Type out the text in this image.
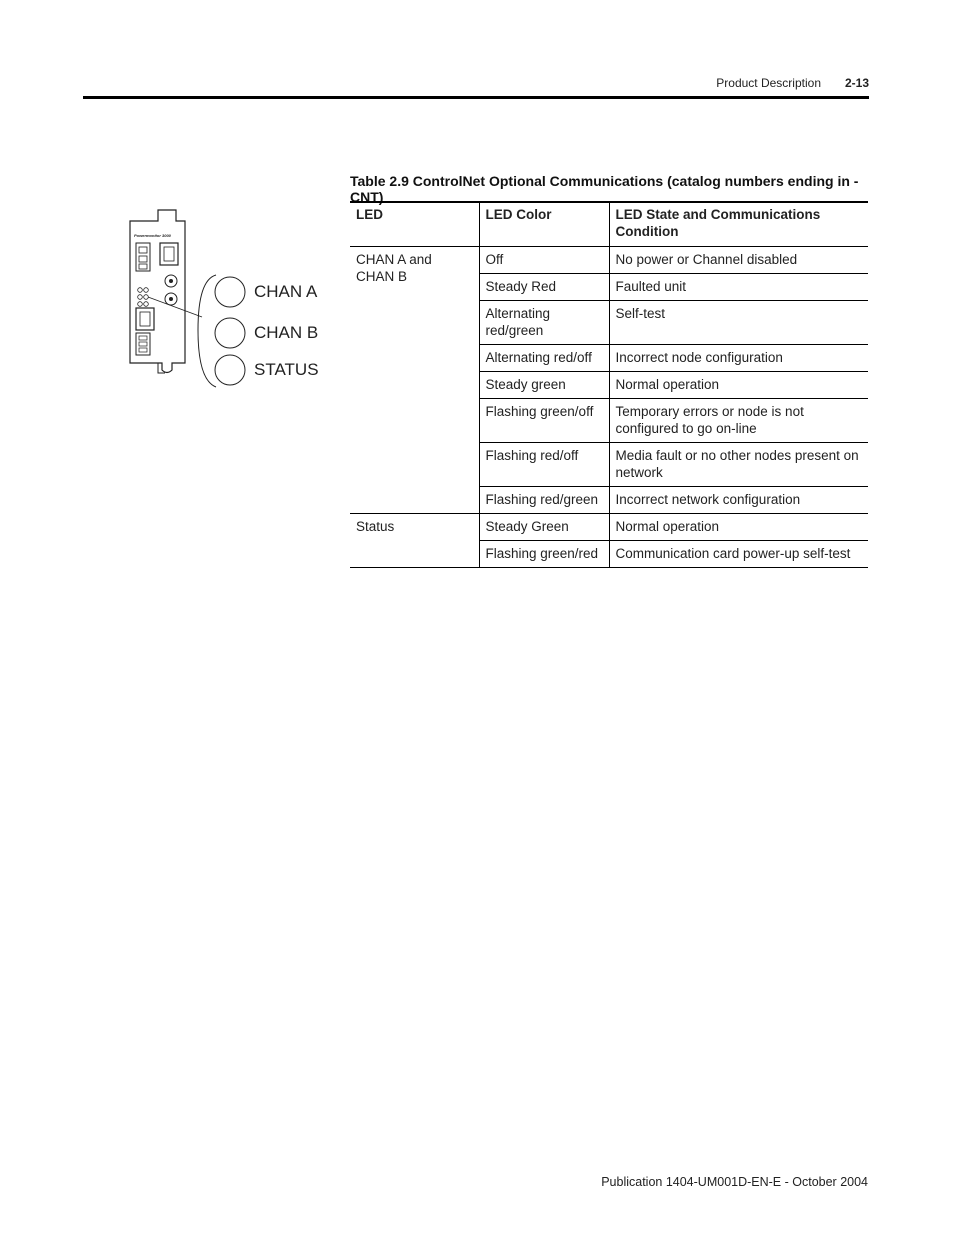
Product Description 2-13
Powermonitor 3000
CHAN A
CHAN B
STATUS
Table 2.9 ControlNet Optional Communications (catalog numbers ending in -CNT)
LED	LED Color	LED State and Communications Condition
CHAN A and CHAN B	Off	No power or Channel disabled
	Steady Red	Faulted unit
	Alternating red/green	Self-test
	Alternating red/off	Incorrect node configuration
	Steady green	Normal operation
	Flashing green/off	Temporary errors or node is not configured to go on-line
	Flashing red/off	Media fault or no other nodes present on network
	Flashing red/green	Incorrect network configuration
Status	Steady Green	Normal operation
	Flashing green/red	Communication card power-up self-test
Publication 1404-UM001D-EN-E - October 2004
